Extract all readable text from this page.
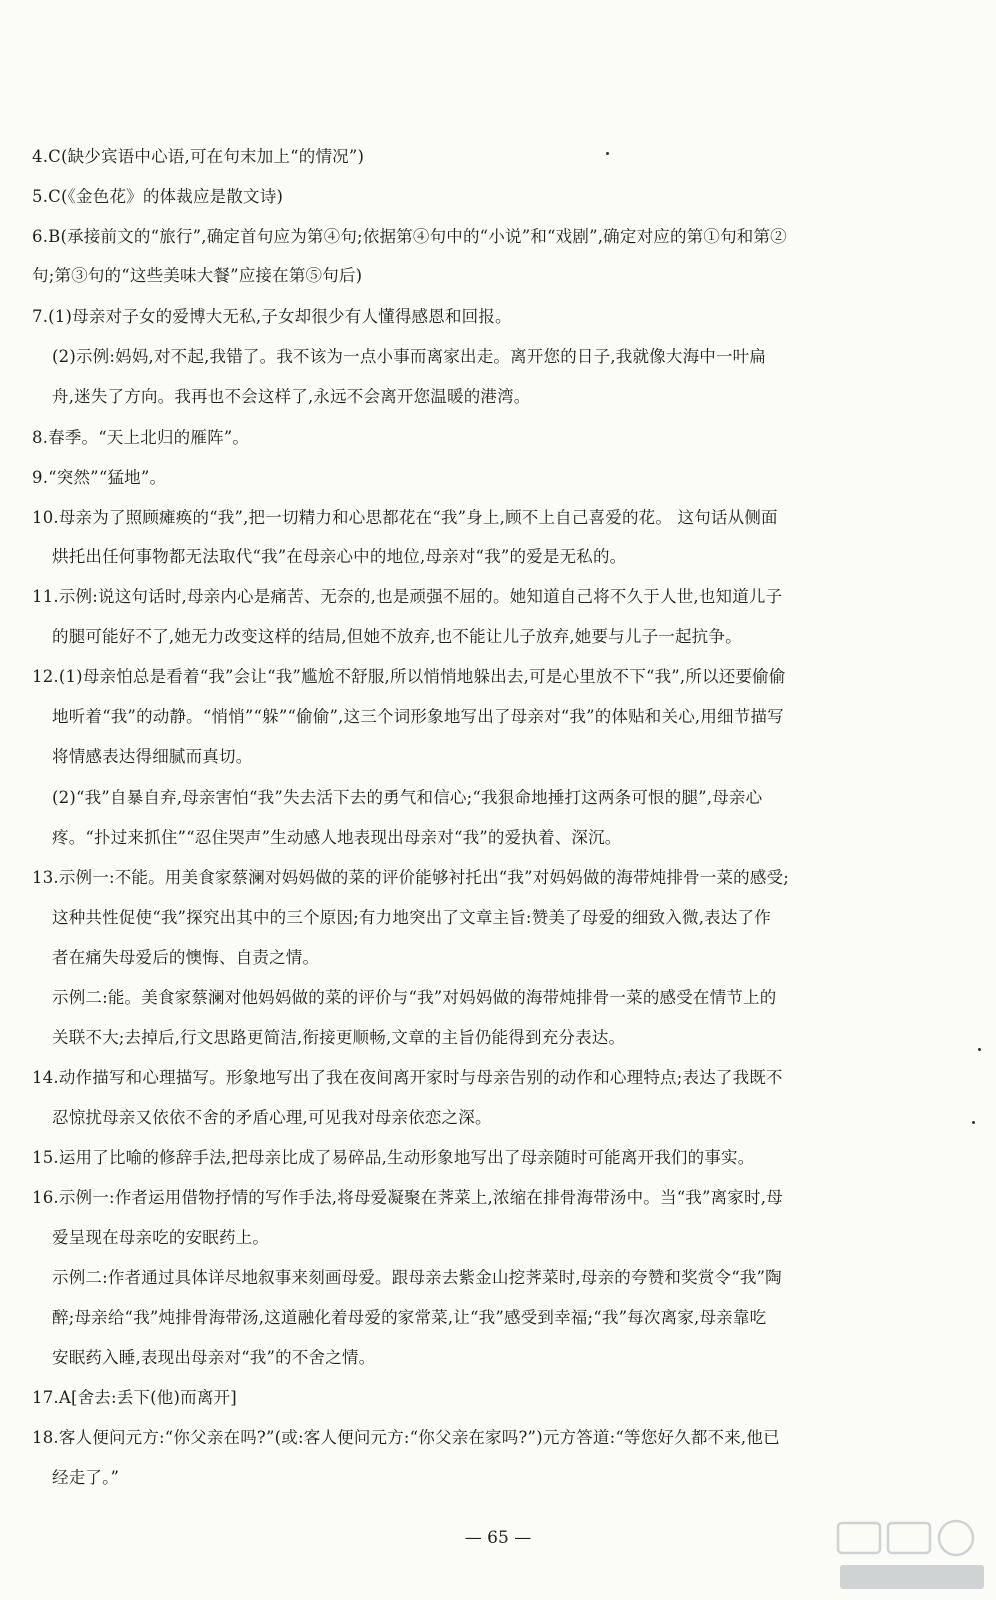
4.C(缺少宾语中心语,可在句末加上“的情况”)
5.C(《金色花》的体裁应是散文诗)
6.B(承接前文的“旅行”,确定首句应为第④句;依据第④句中的“小说”和“戏剧”,确定对应的第①句和第②
句;第③句的“这些美味大餐”应接在第⑤句后)
7.(1)母亲对子女的爱博大无私,子女却很少有人懂得感恩和回报。
(2)示例:妈妈,对不起,我错了。我不该为一点小事而离家出走。离开您的日子,我就像大海中一叶扁
舟,迷失了方向。我再也不会这样了,永远不会离开您温暖的港湾。
8.春季。“天上北归的雁阵”。
9.“突然”“猛地”。
10.母亲为了照顾瘫痪的“我”,把一切精力和心思都花在“我”身上,顾不上自己喜爱的花。 这句话从侧面
烘托出任何事物都无法取代“我”在母亲心中的地位,母亲对“我”的爱是无私的。
11.示例:说这句话时,母亲内心是痛苦、无奈的,也是顽强不屈的。她知道自己将不久于人世,也知道儿子
的腿可能好不了,她无力改变这样的结局,但她不放弃,也不能让儿子放弃,她要与儿子一起抗争。
12.(1)母亲怕总是看着“我”会让“我”尴尬不舒服,所以悄悄地躲出去,可是心里放不下“我”,所以还要偷偷
地听着“我”的动静。“悄悄”“躲”“偷偷”,这三个词形象地写出了母亲对“我”的体贴和关心,用细节描写
将情感表达得细腻而真切。
(2)“我”自暴自弃,母亲害怕“我”失去活下去的勇气和信心;“我狠命地捶打这两条可恨的腿”,母亲心
疼。“扑过来抓住”“忍住哭声”生动感人地表现出母亲对“我”的爱执着、深沉。
13.示例一:不能。用美食家蔡澜对妈妈做的菜的评价能够衬托出“我”对妈妈做的海带炖排骨一菜的感受;
这种共性促使“我”探究出其中的三个原因;有力地突出了文章主旨:赞美了母爱的细致入微,表达了作
者在痛失母爱后的懊悔、自责之情。
示例二:能。美食家蔡澜对他妈妈做的菜的评价与“我”对妈妈做的海带炖排骨一菜的感受在情节上的
关联不大;去掉后,行文思路更简洁,衔接更顺畅,文章的主旨仍能得到充分表达。
14.动作描写和心理描写。形象地写出了我在夜间离开家时与母亲告别的动作和心理特点;表达了我既不
忍惊扰母亲又依依不舍的矛盾心理,可见我对母亲依恋之深。
15.运用了比喻的修辞手法,把母亲比成了易碎品,生动形象地写出了母亲随时可能离开我们的事实。
16.示例一:作者运用借物抒情的写作手法,将母爱凝聚在荠菜上,浓缩在排骨海带汤中。当“我”离家时,母
爱呈现在母亲吃的安眠药上。
示例二:作者通过具体详尽地叙事来刻画母爱。跟母亲去紫金山挖荠菜时,母亲的夸赞和奖赏令“我”陶
醉;母亲给“我”炖排骨海带汤,这道融化着母爱的家常菜,让“我”感受到幸福;“我”每次离家,母亲靠吃
安眠药入睡,表现出母亲对“我”的不舍之情。
17.A[舍去:丢下(他)而离开]
18.客人便问元方:“你父亲在吗?”(或:客人便问元方:“你父亲在家吗?”)元方答道:“等您好久都不来,他已
经走了。”
— 65 —
